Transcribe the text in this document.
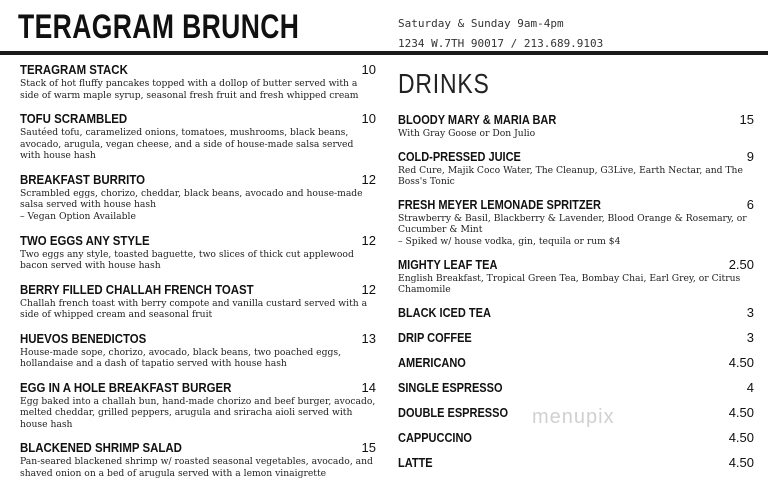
TERAGRAM BRUNCH	Saturday & Sunday 9am-4pm
1234 W.7TH 90017 / 213.689.9103
TERAGRAM STACK	10
Stack of hot fluffy pancakes topped with a dollop of butter served with a side of warm maple syrup, seasonal fresh fruit and fresh whipped cream
TOFU SCRAMBLED	10
Sautéed tofu, caramelized onions, tomatoes, mushrooms, black beans, avocado, arugula, vegan cheese, and a side of house-made salsa served with house hash
BREAKFAST BURRITO	12
Scrambled eggs, chorizo, cheddar, black beans, avocado and house-made salsa served with house hash
– Vegan Option Available
TWO EGGS ANY STYLE	12
Two eggs any style, toasted baguette, two slices of thick cut applewood bacon served with house hash
BERRY FILLED CHALLAH FRENCH TOAST	12
Challah french toast with berry compote and vanilla custard served with a side of whipped cream and seasonal fruit
HUEVOS BENEDICTOS	13
House-made sope, chorizo, avocado, black beans, two poached eggs, hollandaise and a dash of tapatio served with house hash
EGG IN A HOLE BREAKFAST BURGER	14
Egg baked into a challah bun, hand-made chorizo and beef burger, avocado, melted cheddar, grilled peppers, arugula and sriracha aioli served with house hash
BLACKENED SHRIMP SALAD	15
Pan-seared blackened shrimp w/ roasted seasonal vegetables, avocado, and shaved onion on a bed of arugula served with a lemon vinaigrette
DRINKS
BLOODY MARY & MARIA BAR	15
With Gray Goose or Don Julio
COLD-PRESSED JUICE	9
Red Cure, Majik Coco Water, The Cleanup, G3Live, Earth Nectar, and The Boss's Tonic
FRESH MEYER LEMONADE SPRITZER	6
Strawberry & Basil, Blackberry & Lavender, Blood Orange & Rosemary, or Cucumber & Mint
– Spiked w/ house vodka, gin, tequila or rum $4
MIGHTY LEAF TEA	2.50
English Breakfast, Tropical Green Tea, Bombay Chai, Earl Grey, or Citrus Chamomile
BLACK ICED TEA	3
DRIP COFFEE	3
AMERICANO	4.50
SINGLE ESPRESSO	4
DOUBLE ESPRESSO	4.50
CAPPUCCINO	4.50
LATTE	4.50
menupix
